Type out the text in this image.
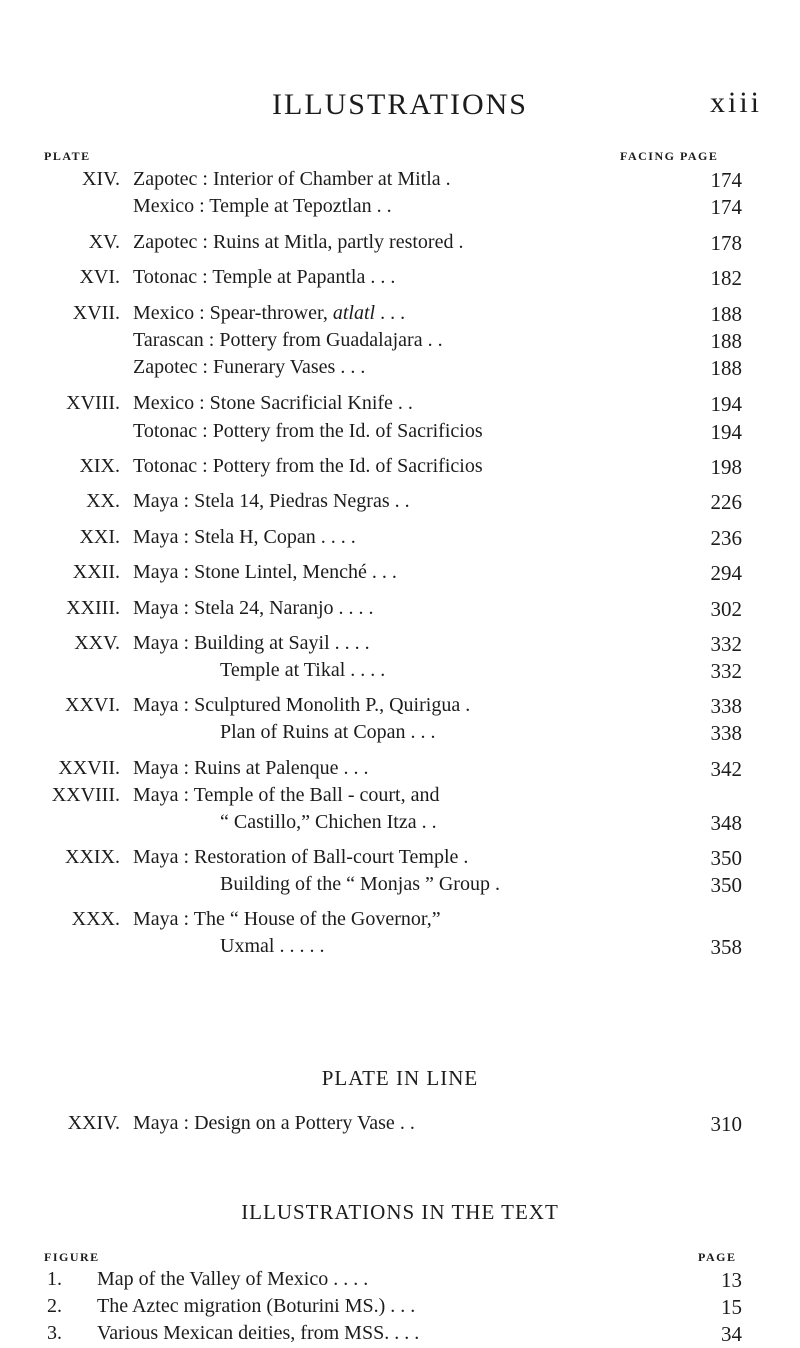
ILLUSTRATIONS	xiii
PLATE	FACING PAGE
XIV. Zapotec : Interior of Chamber at Mitla .	174
Mexico : Temple at Tepoztlan . .	174
XV. Zapotec : Ruins at Mitla, partly restored .	178
XVI. Totonac : Temple at Papantla . . .	182
XVII. Mexico : Spear-thrower, atlatl . . .	188
Tarascan : Pottery from Guadalajara . .	188
Zapotec : Funerary Vases . . .	188
XVIII. Mexico : Stone Sacrificial Knife . .	194
Totonac : Pottery from the Id. of Sacrificios	194
XIX. Totonac : Pottery from the Id. of Sacrificios	198
XX. Maya : Stela 14, Piedras Negras . .	226
XXI. Maya : Stela H, Copan . . . .	236
XXII. Maya : Stone Lintel, Menché . . .	294
XXIII. Maya : Stela 24, Naranjo . . . .	302
XXV. Maya : Building at Sayil . . . .	332
Temple at Tikal . . . .	332
XXVI. Maya : Sculptured Monolith P., Quirigua .	338
Plan of Ruins at Copan . . .	338
XXVII. Maya : Ruins at Palenque . . .	342
XXVIII. Maya : Temple of the Ball - court, and
“ Castillo,” Chichen Itza . .	348
XXIX. Maya : Restoration of Ball-court Temple .	350
Building of the “ Monjas ” Group .	350
XXX. Maya : The “ House of the Governor,”
Uxmal . . . . .	358
PLATE IN LINE
XXIV. Maya : Design on a Pottery Vase . .	310
ILLUSTRATIONS IN THE TEXT
FIGURE	PAGE
1. Map of the Valley of Mexico . . . .	13
2. The Aztec migration (Boturini MS.) . . .	15
3. Various Mexican deities, from MSS. . . .	34
